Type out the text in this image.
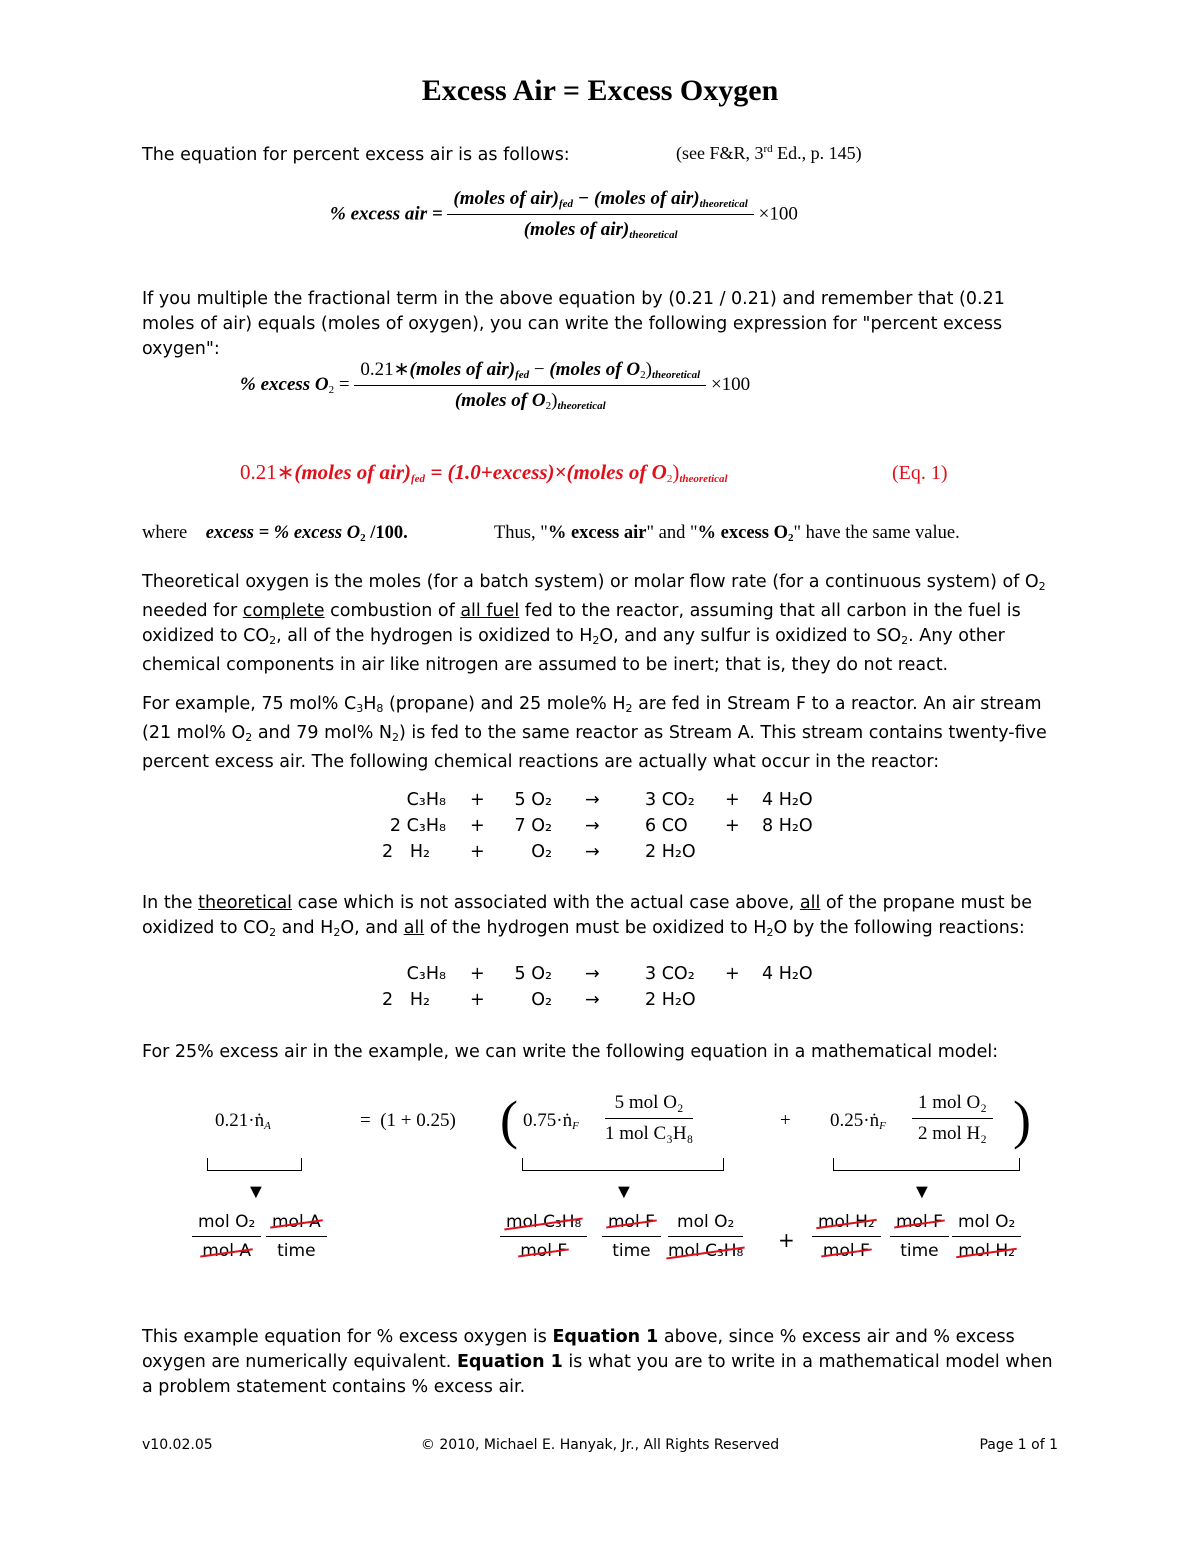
Excess Air = Excess Oxygen
The equation for percent excess air is as follows:	(see F&R, 3rd Ed., p. 145)
% excess air = $\frac{(moles of air)_{fed} - (moles of air)_{theoretical}}{(moles of air)_{theoretical}} \times 100$
If you multiple the fractional term in the above equation by (0.21 / 0.21) and remember that (0.21 moles of air) equals (moles of oxygen), you can write the following expression for "percent excess oxygen":
% excess $O_2 = \frac{0.21∗(moles of air)_{fed} - (moles of O_2)_{theoretical}}{(moles of O_2)_{theoretical}} \times 100$
0.21∗(moles of $air)_{fed}$ = (1.0+excess)×(moles of $O_2)_{theoretical}$	(Eq. 1)
where excess = % excess $O_2$ /100.	Thus, "% excess air" and "% excess $O_2$" have the same value.
Theoretical oxygen is the moles (for a batch system) or molar flow rate (for a continuous system) of $O_2$ needed for complete combustion of all fuel fed to the reactor, assuming that all carbon in the fuel is oxidized to $CO_2$, all of the hydrogen is oxidized to $H_2O$, and any sulfur is oxidized to $SO_2$. Any other chemical components in air like nitrogen are assumed to be inert; that is, they do not react.
For example, 75 mol% $C_3H_8$ (propane) and 25 mole% $H_2$ are fed in Stream F to a reactor. An air stream (21 mol% $O_2$ and 79 mol% $N_2$) is fed to the same reactor as Stream A. This stream contains twenty-five percent excess air. The following chemical reactions are actually what occur in the reactor:
C₃H₈ +	5 O₂ →	3 CO₂ + 4 H₂O
2 C₃H₈ +	7 O₂ →	6 CO + 8 H₂O
2   H₂ +	O₂ →	2 H₂O
In the theoretical case which is not associated with the actual case above, all of the propane must be oxidized to $CO_2$ and $H_2O$, and all of the hydrogen must be oxidized to $H_2O$ by the following reactions:
C₃H₈ +	5 O₂ →	3 CO₂ + 4 H₂O
2   H₂ +	O₂ →	2 H₂O
For 25% excess air in the example, we can write the following equation in a mathematical model:
0.21·ṅ$_A$	=  (1 + 0.25) ( 0.75·ṅ$_F$
5 mol O₂
1 mol C₃H₈
+ 0.25·ṅ$_F$
1 mol O₂
2 mol H₂ )
▼	▼	▼
mol O₂
mol A
mol A
time
mol C₃H₈
mol F
mol F
time
mol O₂
mol C₃H₈ +
mol H₂
mol F
mol F
time
mol O₂
mol H₂
This example equation for % excess oxygen is Equation 1 above, since % excess air and % excess oxygen are numerically equivalent. Equation 1 is what you are to write in a mathematical model when a problem statement contains % excess air.
v10.02.05	© 2010, Michael E. Hanyak, Jr., All Rights Reserved	Page 1 of 1
